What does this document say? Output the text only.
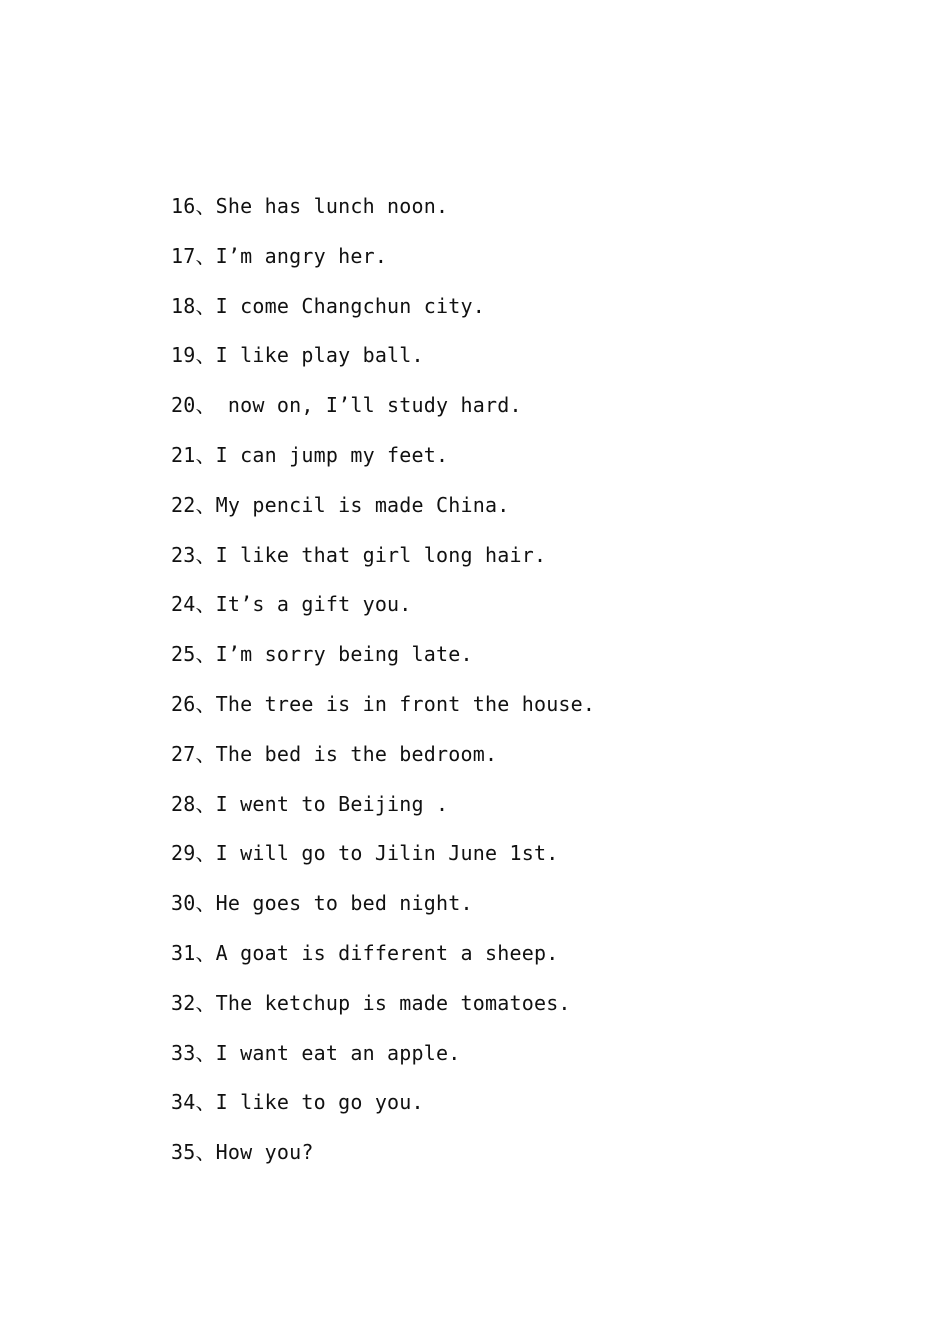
16、She has lunch noon.
17、I’m angry her.
18、I come Changchun city.
19、I like play ball.
20、 now on, I’ll study hard.
21、I can jump my feet.
22、My pencil is made China.
23、I like that girl long hair.
24、It’s a gift you.
25、I’m sorry being late.
26、The tree is in front the house.
27、The bed is the bedroom.
28、I went to Beijing .
29、I will go to Jilin June 1st.
30、He goes to bed night.
31、A goat is different a sheep.
32、The ketchup is made tomatoes.
33、I want eat an apple.
34、I like to go you.
35、How you?
